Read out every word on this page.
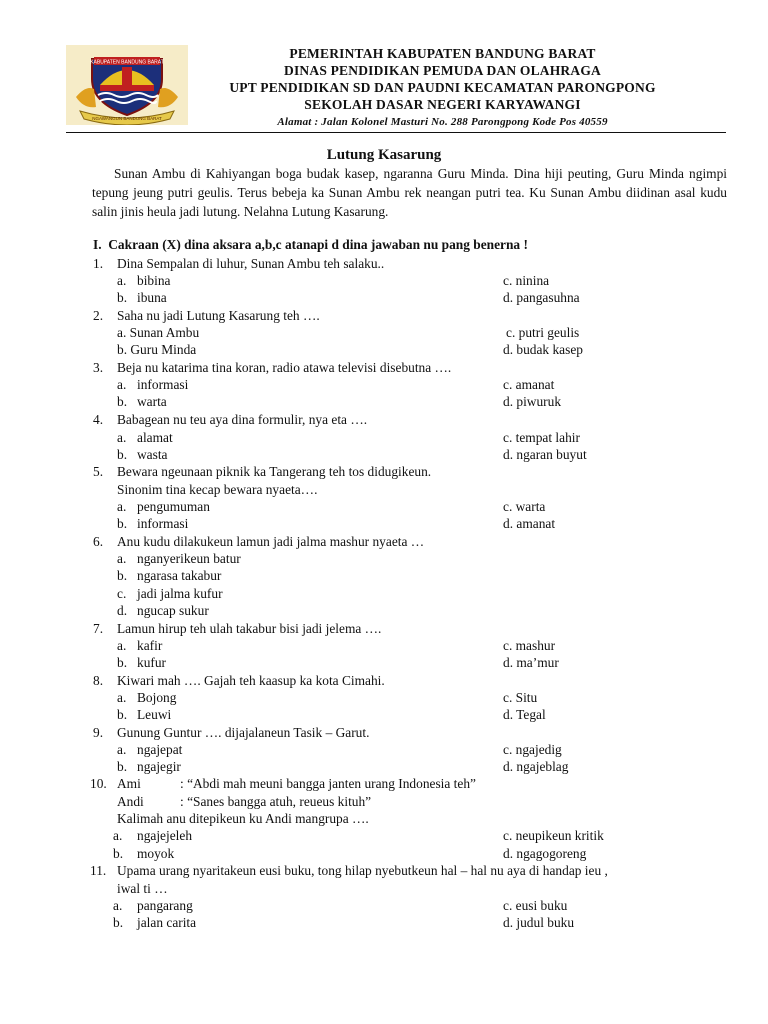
KABUPATEN BANDUNG BARAT
NGAWANGUN BANDUNG BARAT
PEMERINTAH KABUPATEN BANDUNG BARAT
DINAS PENDIDIKAN PEMUDA DAN OLAHRAGA
UPT PENDIDIKAN SD DAN PAUDNI KECAMATAN PARONGPONG
SEKOLAH DASAR NEGERI KARYAWANGI
Alamat : Jalan Kolonel Masturi No. 288 Parongpong Kode Pos 40559
Lutung Kasarung
Sunan Ambu di Kahiyangan boga budak kasep, ngaranna Guru Minda. Dina hiji peuting, Guru Minda ngimpi tepung jeung putri geulis. Terus bebeja ka Sunan Ambu rek neangan putri tea. Ku Sunan Ambu diidinan asal kudu salin jinis heula jadi lutung. Nelahna Lutung Kasarung.
I. Cakraan (X) dina aksara a,b,c atanapi d dina jawaban nu pang benerna !
1. Dina Sempalan di luhur, Sunan Ambu teh salaku..
a. bibina	c. ninina
b. ibuna	d. pangasuhna
2. Saha nu jadi Lutung Kasarung teh ….
a. Sunan Ambu	c. putri geulis
b. Guru Minda	d. budak kasep
3. Beja nu katarima tina koran, radio atawa televisi disebutna ….
a. informasi	c. amanat
b. warta	d. piwuruk
4. Babagean nu teu aya dina formulir, nya eta ….
a. alamat	c. tempat lahir
b. wasta	d. ngaran buyut
5. Bewara ngeunaan piknik ka Tangerang teh tos didugikeun.
Sinonim tina kecap bewara nyaeta….
a. pengumuman	c. warta
b. informasi	d. amanat
6. Anu kudu dilakukeun lamun jadi jalma mashur nyaeta …
a. nganyerikeun batur
b. ngarasa takabur
c. jadi jalma kufur
d. ngucap sukur
7. Lamun hirup teh ulah takabur bisi jadi jelema ….
a. kafir	c. mashur
b. kufur	d. ma’mur
8. Kiwari mah …. Gajah teh kaasup ka kota Cimahi.
a. Bojong	c. Situ
b. Leuwi	d. Tegal
9. Gunung Guntur …. dijajalaneun Tasik – Garut.
a. ngajepat	c. ngajedig
b. ngajegir	d. ngajeblag
10. Ami	: “Abdi mah meuni bangga janten urang Indonesia teh”
Andi	: “Sanes bangga atuh, reueus kituh”
Kalimah anu ditepikeun ku Andi mangrupa ….
a. ngajejeleh	c. neupikeun kritik
b. moyok	d. ngagogoreng
11. Upama urang nyaritakeun eusi buku, tong hilap nyebutkeun hal – hal nu aya di handap ieu ,
iwal ti …
a. pangarang	c. eusi buku
b. jalan carita	d. judul buku
